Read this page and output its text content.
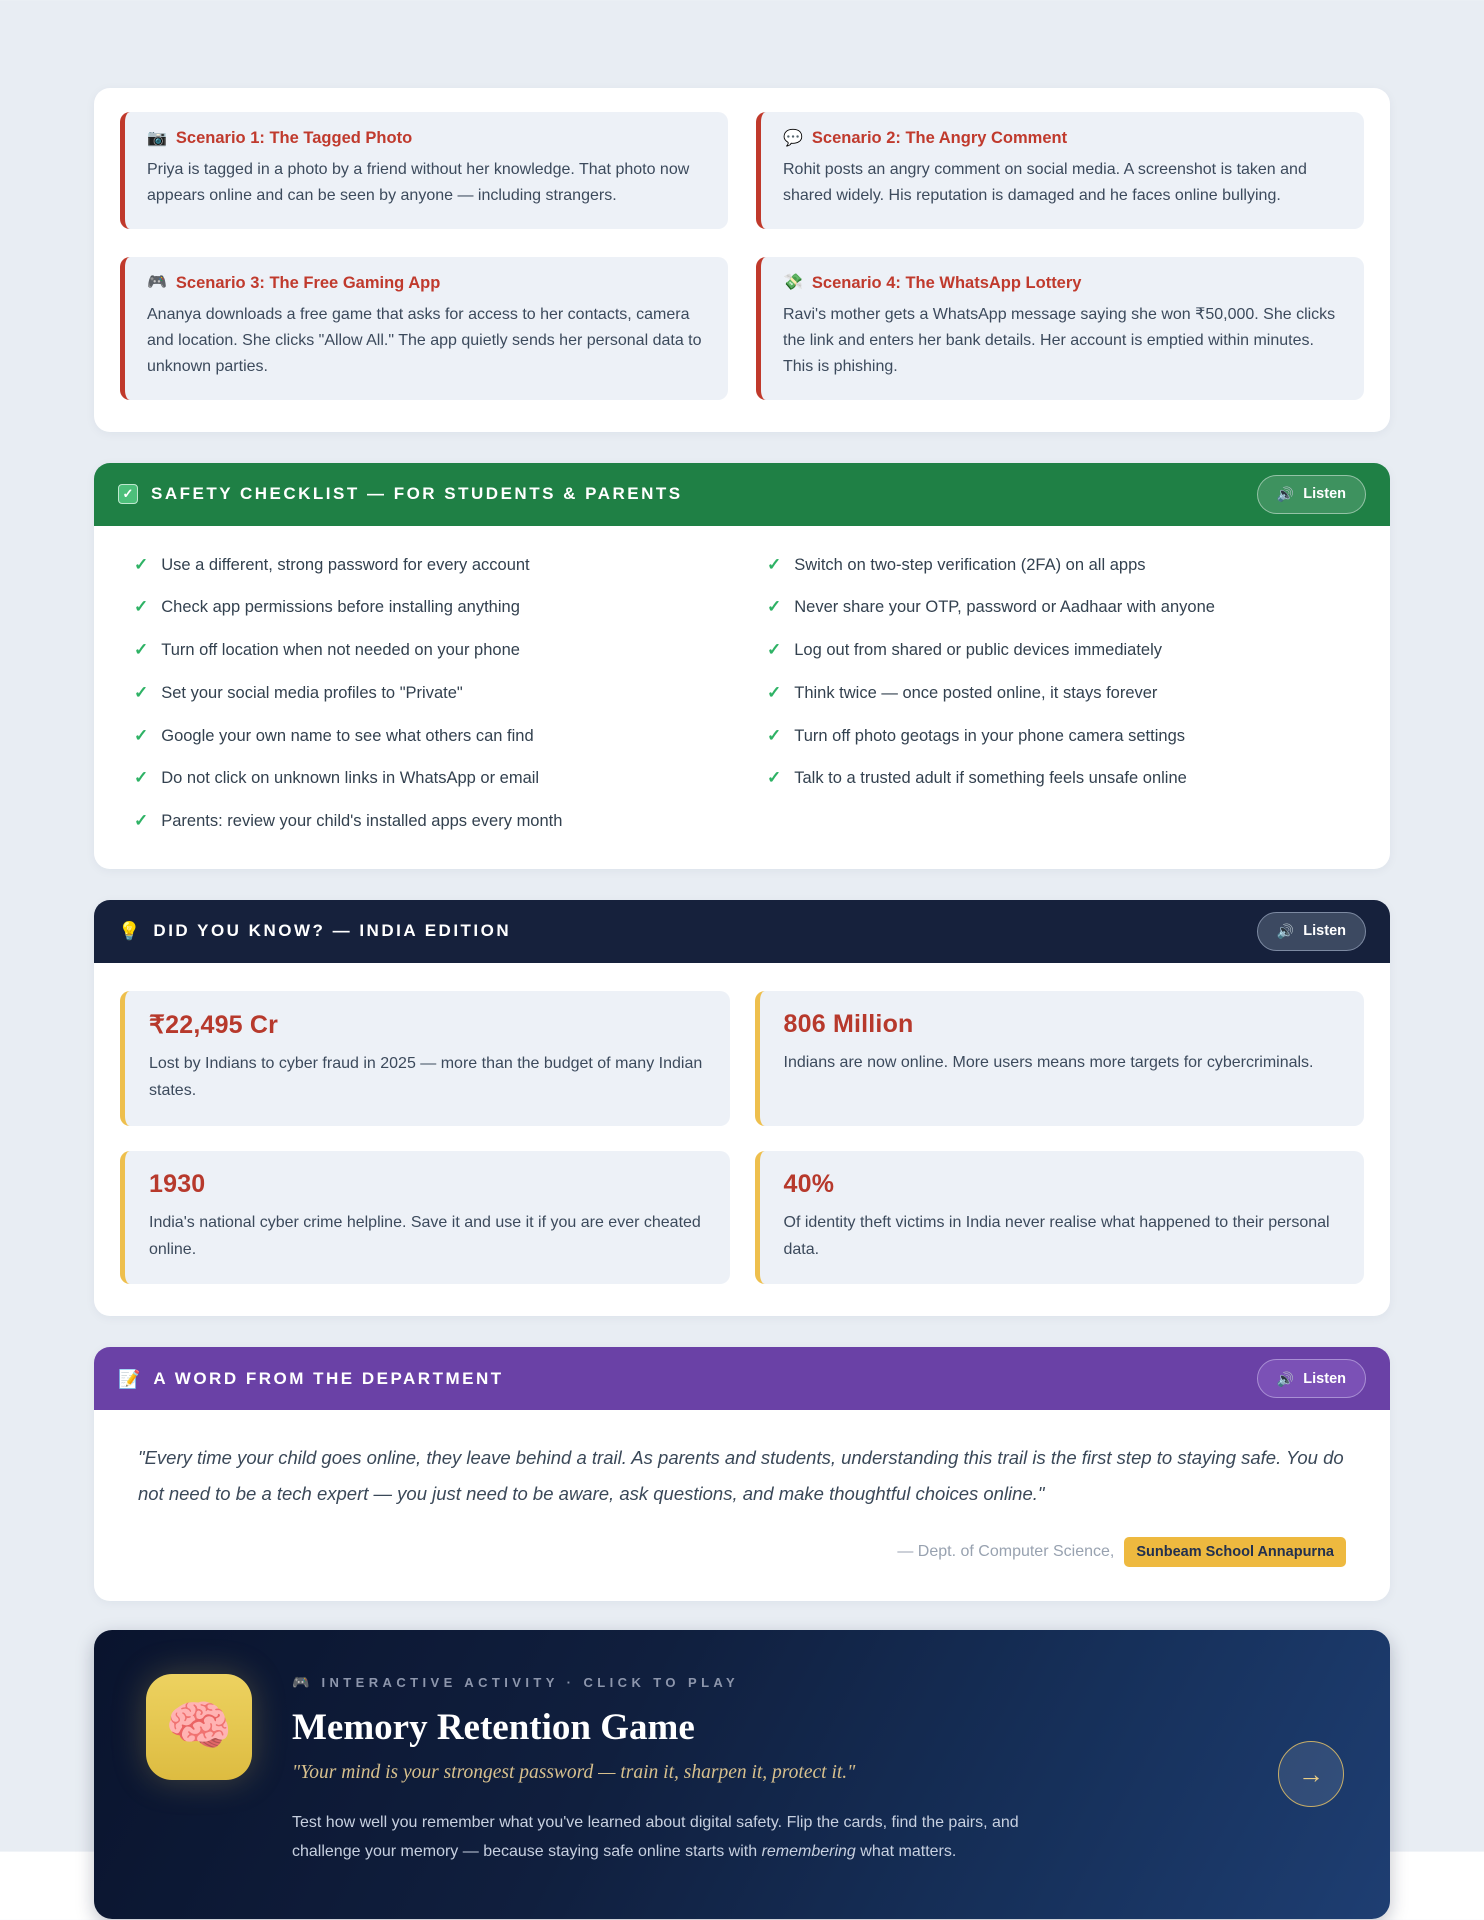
📷 Scenario 1: The Tagged Photo
Priya is tagged in a photo by a friend without her knowledge. That photo now appears online and can be seen by anyone — including strangers.
💬 Scenario 2: The Angry Comment
Rohit posts an angry comment on social media. A screenshot is taken and shared widely. His reputation is damaged and he faces online bullying.
🎮 Scenario 3: The Free Gaming App
Ananya downloads a free game that asks for access to her contacts, camera and location. She clicks "Allow All." The app quietly sends her personal data to unknown parties.
💸 Scenario 4: The WhatsApp Lottery
Ravi's mother gets a WhatsApp message saying she won ₹50,000. She clicks the link and enters her bank details. Her account is emptied within minutes. This is phishing.
✓ SAFETY CHECKLIST — FOR STUDENTS & PARENTS	🔊 Listen
✓ Use a different, strong password for every account
✓ Check app permissions before installing anything
✓ Turn off location when not needed on your phone
✓ Set your social media profiles to "Private"
✓ Google your own name to see what others can find
✓ Do not click on unknown links in WhatsApp or email
✓ Parents: review your child's installed apps every month
✓ Switch on two-step verification (2FA) on all apps
✓ Never share your OTP, password or Aadhaar with anyone
✓ Log out from shared or public devices immediately
✓ Think twice — once posted online, it stays forever
✓ Turn off photo geotags in your phone camera settings
✓ Talk to a trusted adult if something feels unsafe online
💡 DID YOU KNOW? — INDIA EDITION	🔊 Listen
₹22,495 Cr
Lost by Indians to cyber fraud in 2025 — more than the budget of many Indian states.
806 Million
Indians are now online. More users means more targets for cybercriminals.
1930
India's national cyber crime helpline. Save it and use it if you are ever cheated online.
40%
Of identity theft victims in India never realise what happened to their personal data.
📝 A WORD FROM THE DEPARTMENT	🔊 Listen
"Every time your child goes online, they leave behind a trail. As parents and students, understanding this trail is the first step to staying safe. You do not need to be a tech expert — you just need to be aware, ask questions, and make thoughtful choices online."
— Dept. of Computer Science,	Sunbeam School Annapurna
🧠
🎮 INTERACTIVE ACTIVITY · CLICK TO PLAY
Memory Retention Game
"Your mind is your strongest password — train it, sharpen it, protect it."
Test how well you remember what you've learned about digital safety. Flip the cards, find the pairs, and challenge your memory — because staying safe online starts with remembering what matters.
→
